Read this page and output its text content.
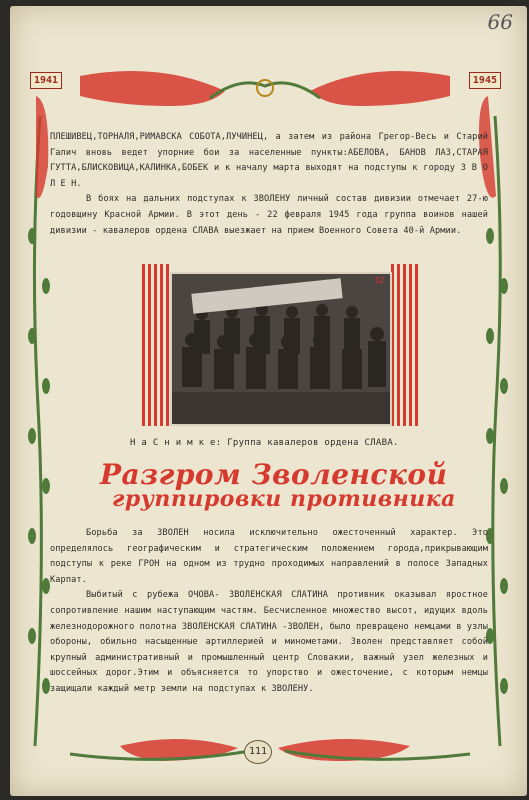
66
1941	1945

ПЛЕШИВЕЦ,ТОРНАЛЯ,РИМАВСКА СОБОТА,ЛУЧИНЕЦ, а затем из района Грегор-Весь и Старий Галич вновь ведет упорние бои за населенные пункты:АБЕЛОВА, БАНОВ ЛАЗ,СТАРАЯ ГУТТА,БЛИСКОВИЦА,КАЛИНКА,БОБЕК и к началу марта выходят на подступы к городу З В О Л Е Н.

В боях на дальних подступах к ЗВОЛЕНУ личный состав дивизии отмечает 27-ю годовщину Красной Армии. В этот день - 22 февраля 1945 года группа воинов нашей дивизии - кавалеров ордена СЛАВА выезжает на прием Военного Совета 40-й Армии.

32
Н а С н и м к е: Группа кавалеров ордена СЛАВА.
Разгром Зволенской
группировки противника

Борьба за ЗВОЛЕН носила исключительно ожесточенный характер. Это определялось географическим и стратегическим положением города,прикрывающим подступы к реке ГРОН на одном из трудно проходимых направлений в полосе Западных Карпат.

Выбитый с рубежа ОЧОВА- ЗВОЛЕНСКАЯ СЛАТИНА противник оказывал яростное сопротивление нашим наступающим частям. Бесчисленное множество высот, идущих вдоль железнодорожного полотна ЗВОЛЕНСКАЯ СЛАТИНА -ЗВОЛЕН, было превращено немцами в узлы обороны, обильно насыщенные артиллерией и минометами. Зволен представляет собой крупный административный и промышленный центр Словакии, важный узел железных и шоссейных дорог.Этим и объясняется то упорство и ожесточение, с которым немцы защищали каждый метр земли на подступах к ЗВОЛЕНУ.

111
